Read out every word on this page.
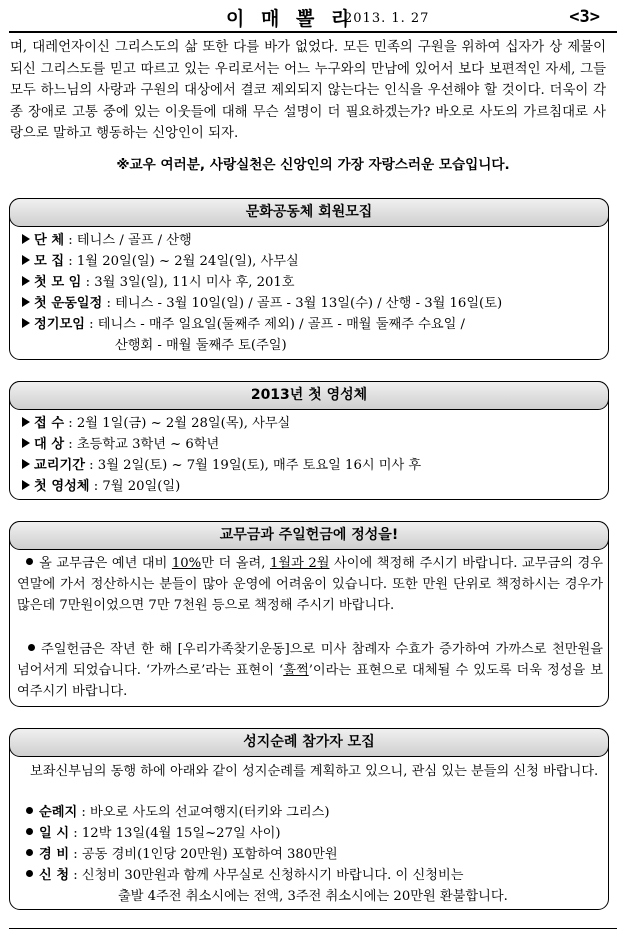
이 매 뽈 리
2013. 1. 27	<3>
며, 대레언자이신 그리스도의 삶 또한 다를 바가 없었다. 모든 민족의 구원을 위하여 십자가 상 제물이 되신 그리스도를 믿고 따르고 있는 우리로서는 어느 누구와의 만남에 있어서 보다 보편적인 자세, 그들 모두 하느님의 사랑과 구원의 대상에서 결코 제외되지 않는다는 인식을 우선해야 할 것이다. 더욱이 각종 장애로 고통 중에 있는 이웃들에 대해 무슨 설명이 더 필요하겠는가? 바오로 사도의 가르침대로 사랑으로 말하고 행동하는 신앙인이 되자.
※교우 여러분, 사랑실천은 신앙인의 가장 자랑스러운 모습입니다.
문화공동체 회원모집
단 체 : 테니스 / 골프 / 산행
모 집 : 1월 20일(일) ~ 2월 24일(일), 사무실
첫 모 임 : 3월 3일(일), 11시 미사 후, 201호
첫 운동일정 : 테니스 - 3월 10일(일) / 골프 - 3월 13일(수) / 산행 - 3월 16일(토)
정기모임 : 테니스 - 매주 일요일(둘째주 제외) / 골프 - 매월 둘째주 수요일 /
산행회 - 매월 둘째주 토(주일)
2013년 첫 영성체
접 수 : 2월 1일(금) ~ 2월 28일(목), 사무실
대 상 : 초등학교 3학년 ~ 6학년
교리기간 : 3월 2일(토) ~ 7월 19일(토), 매주 토요일 16시 미사 후
첫 영성체 : 7월 20일(일)
교무금과 주일헌금에 정성을!
올 교무금은 예년 대비 10%만 더 올려, 1월과 2월 사이에 책정해 주시기 바랍니다. 교무금의 경우 연말에 가서 정산하시는 분들이 많아 운영에 어려움이 있습니다. 또한 만원 단위로 책정하시는 경우가 많은데 7만원이었으면 7만 7천원 등으로 책정해 주시기 바랍니다.
주일헌금은 작년 한 해 [우리가족찾기운동]으로 미사 참례자 수효가 증가하여 가까스로 천만원을 넘어서게 되었습니다. ‘가까스로’라는 표현이 ‘훌쩍’이라는 표현으로 대체될 수 있도록 더욱 정성을 보여주시기 바랍니다.
성지순례 참가자 모집
보좌신부님의 동행 하에 아래와 같이 성지순례를 계획하고 있으니, 관심 있는 분들의 신청 바랍니다.
순례지 : 바오로 사도의 선교여행지(터키와 그리스)
일 시 : 12박 13일(4월 15일~27일 사이)
경 비 : 공동 경비(1인당 20만원) 포함하여 380만원
신 청 : 신청비 30만원과 함께 사무실로 신청하시기 바랍니다. 이 신청비는
출발 4주전 취소시에는 전액, 3주전 취소시에는 20만원 환불합니다.
